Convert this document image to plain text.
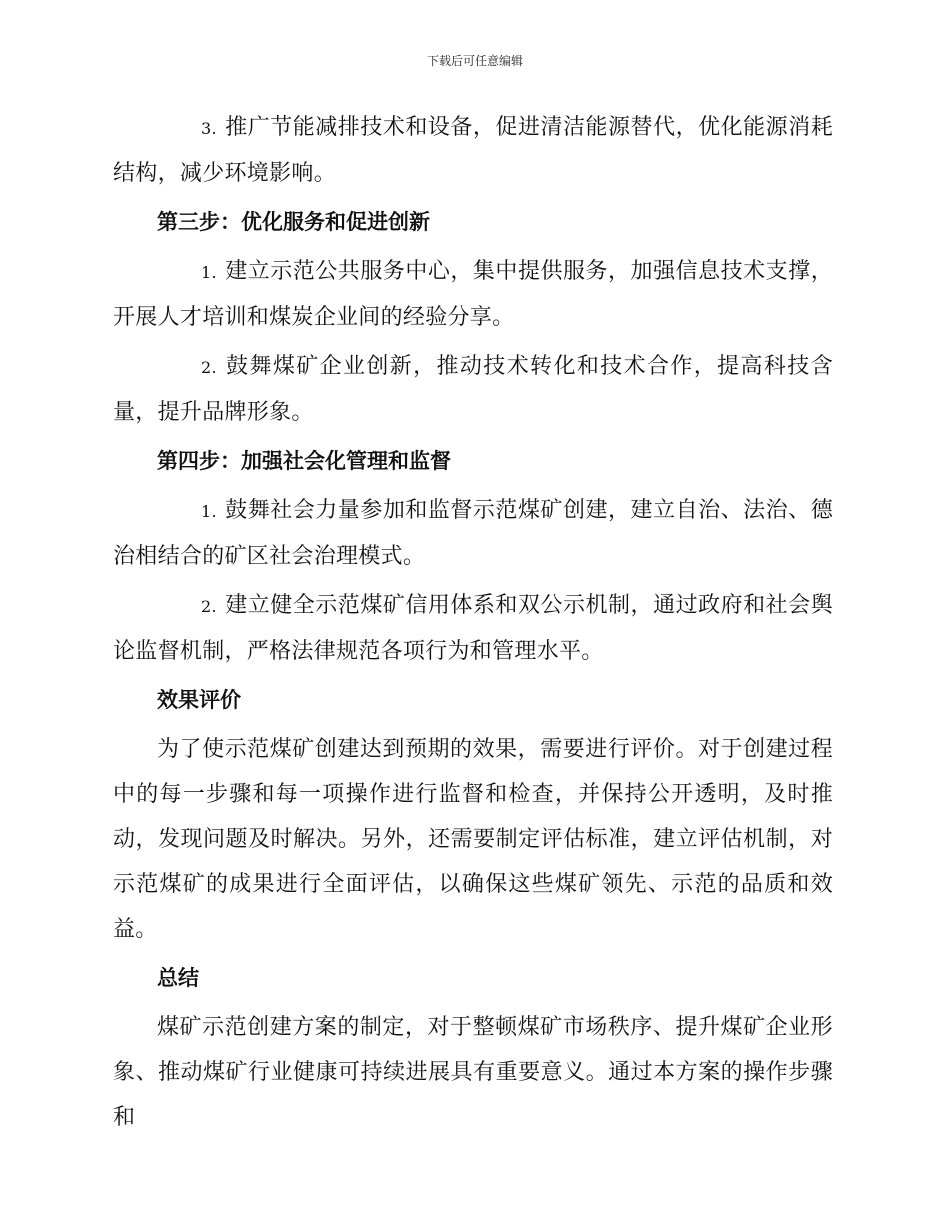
下载后可任意编辑

3. 推广节能减排技术和设备，促进清洁能源替代，优化能源消耗结构，减少环境影响。

第三步：优化服务和促进创新

1. 建立示范公共服务中心，集中提供服务，加强信息技术支撑，开展人才培训和煤炭企业间的经验分享。

2. 鼓舞煤矿企业创新，推动技术转化和技术合作，提高科技含量，提升品牌形象。

第四步：加强社会化管理和监督

1. 鼓舞社会力量参加和监督示范煤矿创建，建立自治、法治、德治相结合的矿区社会治理模式。

2. 建立健全示范煤矿信用体系和双公示机制，通过政府和社会舆论监督机制，严格法律规范各项行为和管理水平。

效果评价

为了使示范煤矿创建达到预期的效果，需要进行评价。对于创建过程中的每一步骤和每一项操作进行监督和检查，并保持公开透明，及时推动，发现问题及时解决。另外，还需要制定评估标准，建立评估机制，对示范煤矿的成果进行全面评估，以确保这些煤矿领先、示范的品质和效益。

总结

煤矿示范创建方案的制定，对于整顿煤矿市场秩序、提升煤矿企业形象、推动煤矿行业健康可持续进展具有重要意义。通过本方案的操作步骤和
